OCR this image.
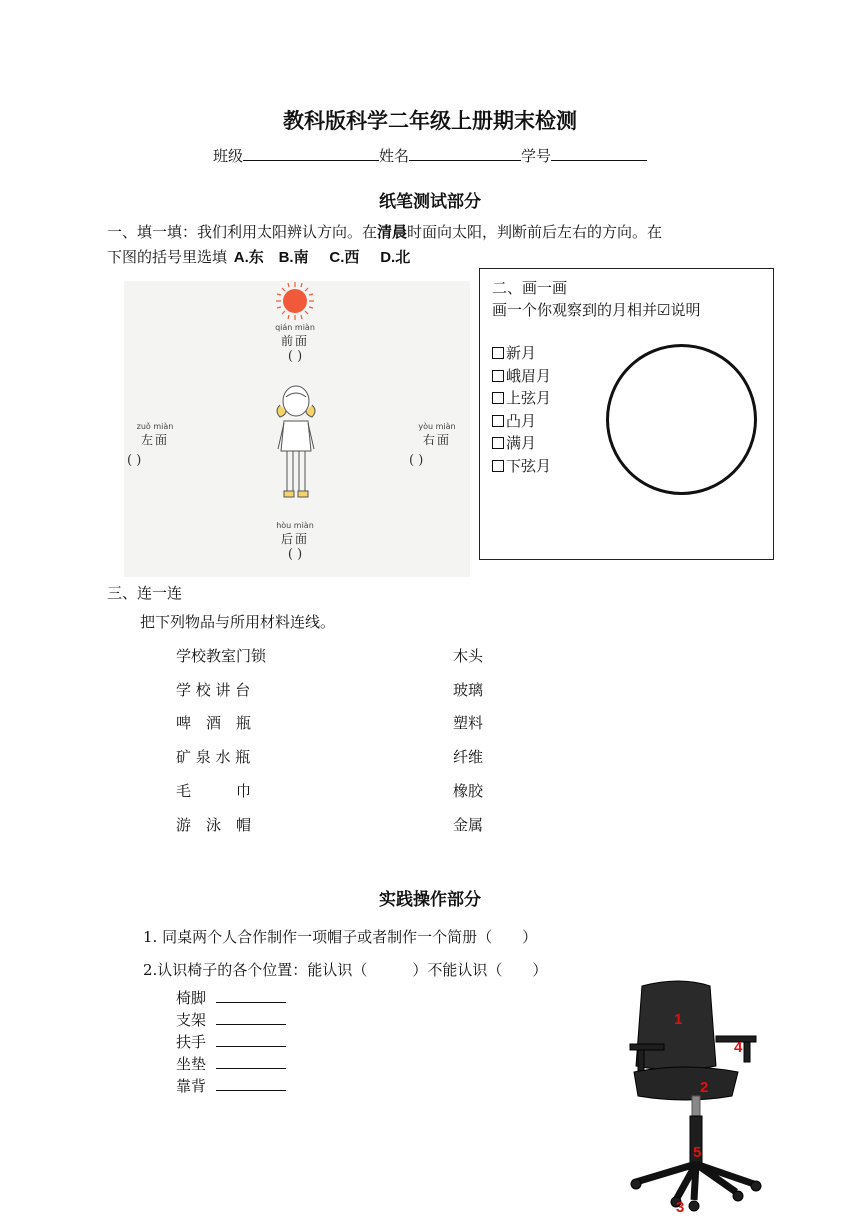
教科版科学二年级上册期末检测
班级	姓名	学号
纸笔测试部分
一、填一填：我们利用太阳辨认方向。在清晨时面向太阳，判断前后左右的方向。在
下图的括号里选填 A.东 B.南 C.西 D.北
qián miàn
前面
( )
zuǒ miàn
左面
( )
yòu miàn
右面
( )
hòu miàn
后面
( )
二、画一画
画一个你观察到的月相并☑说明
新月
峨眉月
上弦月
凸月
满月
下弦月
三、连一连
把下列物品与所用材料连线。
学校教室门锁
学 校 讲 台
啤　酒　瓶
矿 泉 水 瓶
毛　　　巾
游　泳　帽
木头
玻璃
塑料
纤维
橡胶
金属
实践操作部分
1. 同桌两个人合作制作一项帽子或者制作一个简册（　　）
2.认识椅子的各个位置：能认识（　　　）不能认识（　　）
椅脚
支架
扶手
坐垫
靠背
1
2
3
4
5
